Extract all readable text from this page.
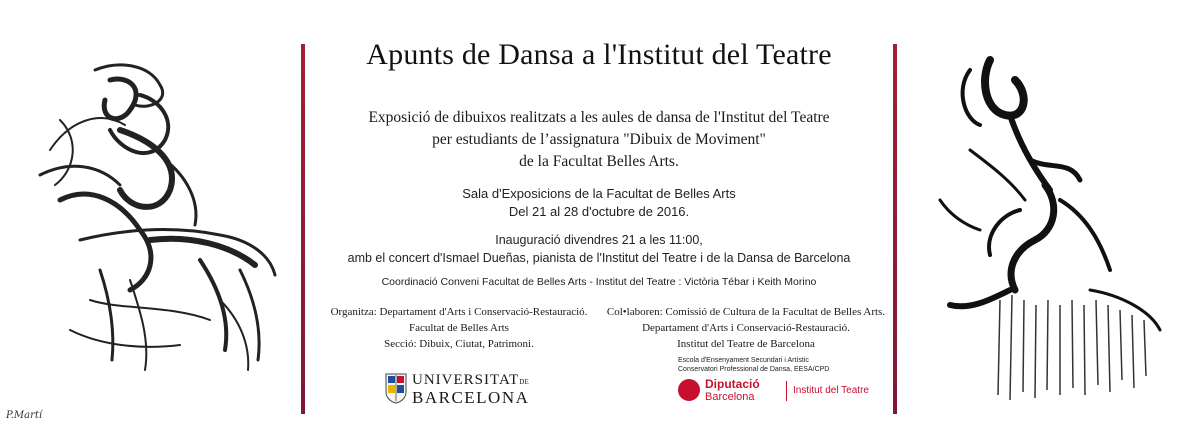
P.Martí
Apunts de Dansa a l'Institut del Teatre
Exposició de dibuixos realitzats a les aules de dansa de l'Institut del Teatre
per estudiants de l’assignatura "Dibuix de Moviment"
de la Facultat Belles Arts.
Sala d'Exposicions de la Facultat de Belles Arts
Del 21 al 28 d'octubre de 2016.
Inauguració divendres 21 a les 11:00,
amb el concert d'Ismael Dueñas, pianista de l'Institut del Teatre i de la Dansa de Barcelona
Coordinació Conveni Facultat de Belles Arts - Institut del Teatre : Victòria Tébar i Keith Morino
Organitza: Departament d'Arts i Conservació-Restauració.
Facultat de Belles Arts
Secció: Dibuix, Ciutat, Patrimoni.
Col•laboren: Comissió de Cultura de la Facultat de Belles Arts.
Departament d'Arts i Conservació-Restauració.
Institut del Teatre de Barcelona
UNIVERSITATDE
BARCELONA
Escola d'Ensenyament Secundari i Artístic
Conservatori Professional de Dansa, EESA/CPD
Diputació
Barcelona
Institut del Teatre
